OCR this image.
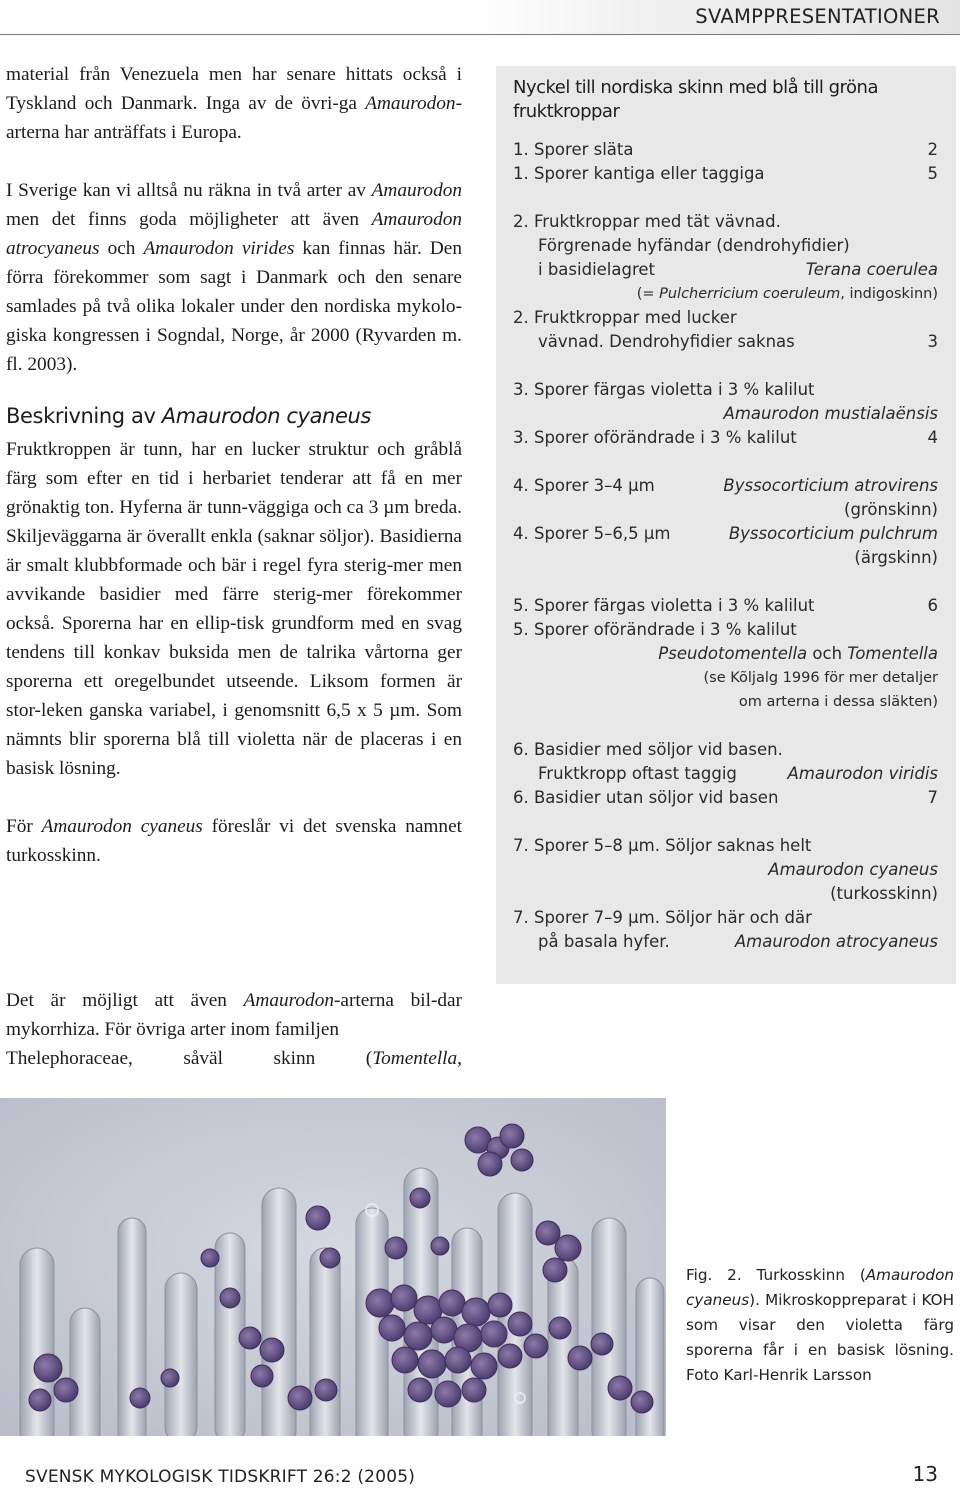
SVAMPPRESENTATIONER

material från Venezuela men har senare hittats också i Tyskland och Danmark. Inga av de övri-ga Amaurodon-arterna har anträffats i Europa.

I Sverige kan vi alltså nu räkna in två arter av Amaurodon men det finns goda möjligheter att även Amaurodon atrocyaneus och Amaurodon virides kan finnas här. Den förra förekommer som sagt i Danmark och den senare samlades på två olika lokaler under den nordiska mykolo-giska kongressen i Sogndal, Norge, år 2000 (Ryvarden m. fl. 2003).

Beskrivning av Amaurodon cyaneus

Fruktkroppen är tunn, har en lucker struktur och gråblå färg som efter en tid i herbariet tenderar att få en mer grönaktig ton. Hyferna är tunn-väggiga och ca 3 µm breda. Skiljeväggarna är överallt enkla (saknar söljor). Basidierna är smalt klubbformade och bär i regel fyra sterig-mer men avvikande basidier med färre sterig-mer förekommer också. Sporerna har en ellip-tisk grundform med en svag tendens till konkav buksida men de talrika vårtorna ger sporerna ett oregelbundet utseende. Liksom formen är stor-leken ganska variabel, i genomsnitt 6,5 x 5 µm. Som nämnts blir sporerna blå till violetta när de placeras i en basisk lösning.

För Amaurodon cyaneus föreslår vi det svenska namnet turkosskinn.

Det är möjligt att även Amaurodon-arterna bil-dar mykorrhiza. För övriga arter inom familjen
Thelephoraceae, såväl skinn (Tomentella,
Nyckel till nordiska skinn med blå till gröna fruktkroppar
1. Sporer släta	2
1. Sporer kantiga eller taggiga	5
2. Fruktkroppar med tät vävnad.
Förgrenade hyfändar (dendrohyfidier)
i basidielagret	Terana coerulea
(= Pulcherricium coeruleum, indigoskinn)
2. Fruktkroppar med lucker
vävnad. Dendrohyfidier saknas	3
3. Sporer färgas violetta i 3 % kalilut
Amaurodon mustialaënsis
3. Sporer oförändrade i 3 % kalilut	4
4. Sporer 3–4 µm	Byssocorticium atrovirens
(grönskinn)
4. Sporer 5–6,5 µm	Byssocorticium pulchrum
(ärgskinn)
5. Sporer färgas violetta i 3 % kalilut	6
5. Sporer oförändrade i 3 % kalilut
Pseudotomentella och Tomentella
(se Kõljalg 1996 för mer detaljer
om arterna i dessa släkten)
6. Basidier med söljor vid basen.
Fruktkropp oftast taggig	Amaurodon viridis
6. Basidier utan söljor vid basen	7
7. Sporer 5–8 µm. Söljor saknas helt
Amaurodon cyaneus
(turkosskinn)
7. Sporer 7–9 µm. Söljor här och där
på basala hyfer.	Amaurodon atrocyaneus
Fig. 2. Turkosskinn (Amaurodon cyaneus). Mikroskoppreparat i KOH som visar den violetta färg sporerna får i en basisk lösning. Foto Karl-Henrik Larsson
SVENSK MYKOLOGISK TIDSKRIFT 26:2 (2005)	13
